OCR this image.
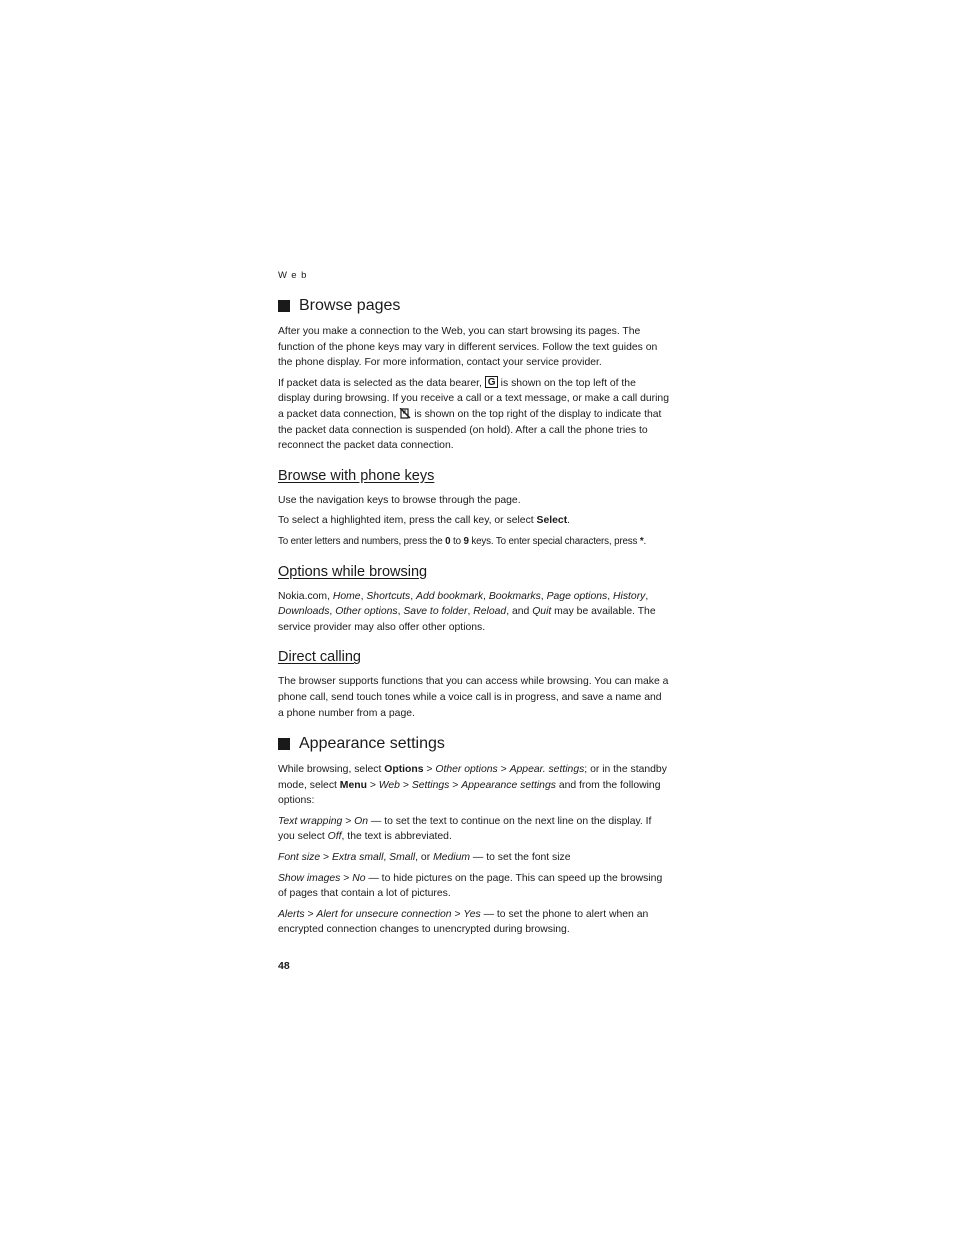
Web
Browse pages

After you make a connection to the Web, you can start browsing its pages. The function of the phone keys may vary in different services. Follow the text guides on the phone display. For more information, contact your service provider.

If packet data is selected as the data bearer, G is shown on the top left of the display during browsing. If you receive a call or a text message, or make a call during a packet data connection,  is shown on the top right of the display to indicate that the packet data connection is suspended (on hold). After a call the phone tries to reconnect the packet data connection.

Browse with phone keys

Use the navigation keys to browse through the page.

To select a highlighted item, press the call key, or select Select.

To enter letters and numbers, press the 0 to 9 keys. To enter special characters, press *.

Options while browsing

Nokia.com, Home, Shortcuts, Add bookmark, Bookmarks, Page options, History, Downloads, Other options, Save to folder, Reload, and Quit may be available. The service provider may also offer other options.

Direct calling

The browser supports functions that you can access while browsing. You can make a phone call, send touch tones while a voice call is in progress, and save a name and a phone number from a page.

Appearance settings

While browsing, select Options > Other options > Appear. settings; or in the standby mode, select Menu > Web > Settings > Appearance settings and from the following options:

Text wrapping > On — to set the text to continue on the next line on the display. If you select Off, the text is abbreviated.

Font size > Extra small, Small, or Medium — to set the font size

Show images > No — to hide pictures on the page. This can speed up the browsing of pages that contain a lot of pictures.

Alerts > Alert for unsecure connection > Yes — to set the phone to alert when an encrypted connection changes to unencrypted during browsing.

48
